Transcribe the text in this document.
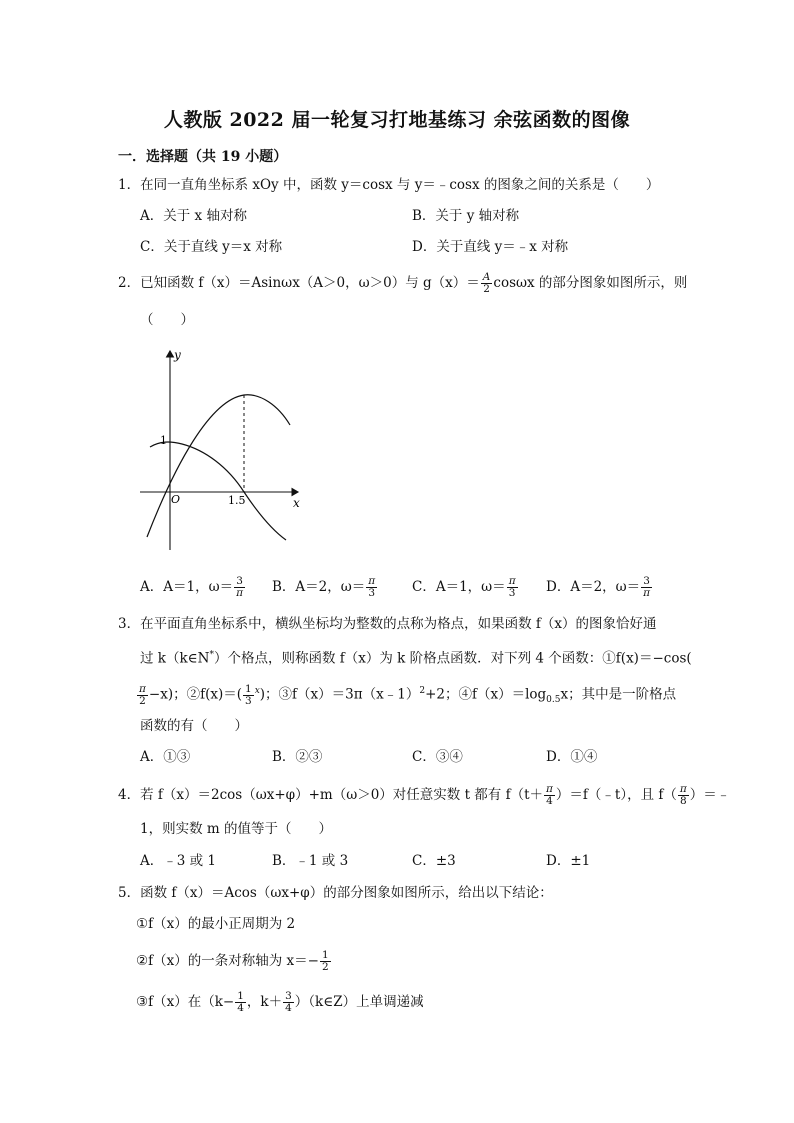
人教版 2022 届一轮复习打地基练习 余弦函数的图像
一．选择题（共 19 小题）
1．在同一直角坐标系 xOy 中，函数 y＝cosx 与 y＝﹣cosx 的图象之间的关系是（　　）
A．关于 x 轴对称	B．关于 y 轴对称
C．关于直线 y＝x 对称	D．关于直线 y＝﹣x 对称
2．已知函数 f（x）＝Asinωx（A＞0，ω＞0）与 $g(x)= \frac{A}{2}$ cosωx 的部分图象如图所示，则
（　　）
y
x
O
1
1.5
A．A＝1，$\omega= \frac{3}{\pi}$ B．A＝2，$\omega= \frac{\pi}{3}$	C．A＝1，$\omega= \frac{\pi}{3}$ D．A＝2，$\omega= \frac{3}{\pi}$
3．在平面直角坐标系中，横纵坐标均为整数的点称为格点，如果函数 f（x）的图象恰好通
过 k（k∈N*）个格点，则称函数 f（x）为 k 阶格点函数．对下列 4 个函数：①f(x)＝−cos(
$\frac{\pi}{2} -x$)；②f(x)＝( $\frac{1}{3} ^x$)；③f（x）＝3π（x﹣1）$^2$+2；$④f(x)=\log_{0.5}x$；其中是一阶格点
函数的有（　　）
A．①③	B．②③	C．③④	D．①④
4．若 f（x）＝2cos（ωx+φ）+m（ω＞0）对任意实数 t 都有 $f(t+ \frac{\pi}{4}$ ）＝f（﹣t），且 $f( \frac{\pi}{8}$ ）＝﹣
1，则实数 m 的值等于（　　）
A．﹣3 或 1	B．﹣1 或 3	C．±3	D．±1
5．函数 f（x）＝Acos（ωx+φ）的部分图象如图所示，给出以下结论：
①f（x）的最小正周期为 2
②f（x）的一条对称轴为 $x=- \frac{1}{2}$
③f（x）在（$k- \frac{1}{4}$ ，$k+ \frac{3}{4}$ ）（k∈Z）上单调递减
